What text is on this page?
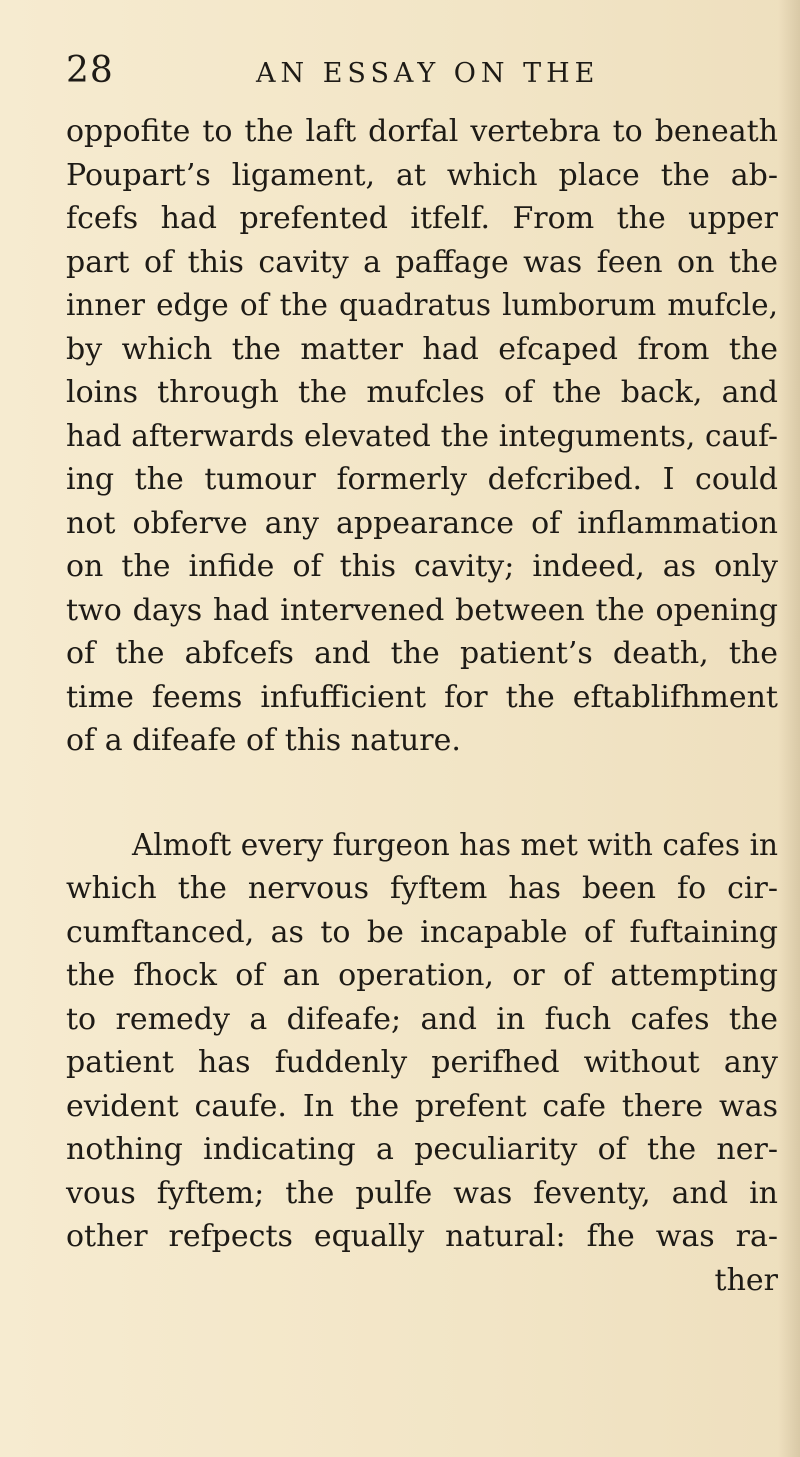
28	AN ESSAY ON THE

oppofite to the laft dorfal vertebra to beneath
Poupart’s ligament, at which place the ab-
fcefs had prefented itfelf. From the upper
part of this cavity a paffage was feen on the
inner edge of the quadratus lumborum mufcle,
by which the matter had efcaped from the
loins through the mufcles of the back, and
had afterwards elevated the integuments, cauf-
ing the tumour formerly defcribed. I could
not obferve any appearance of inflammation
on the infide of this cavity; indeed, as only
two days had intervened between the opening
of the abfcefs and the patient’s death, the
time feems infufficient for the eftablifhment
of a difeafe of this nature.

Almoft every furgeon has met with cafes in
which the nervous fyftem has been fo cir-
cumftanced, as to be incapable of fuftaining
the fhock of an operation, or of attempting
to remedy a difeafe; and in fuch cafes the
patient has fuddenly perifhed without any
evident caufe. In the prefent cafe there was
nothing indicating a peculiarity of the ner-
vous fyftem; the pulfe was feventy, and in
other refpects equally natural: fhe was ra-
ther
